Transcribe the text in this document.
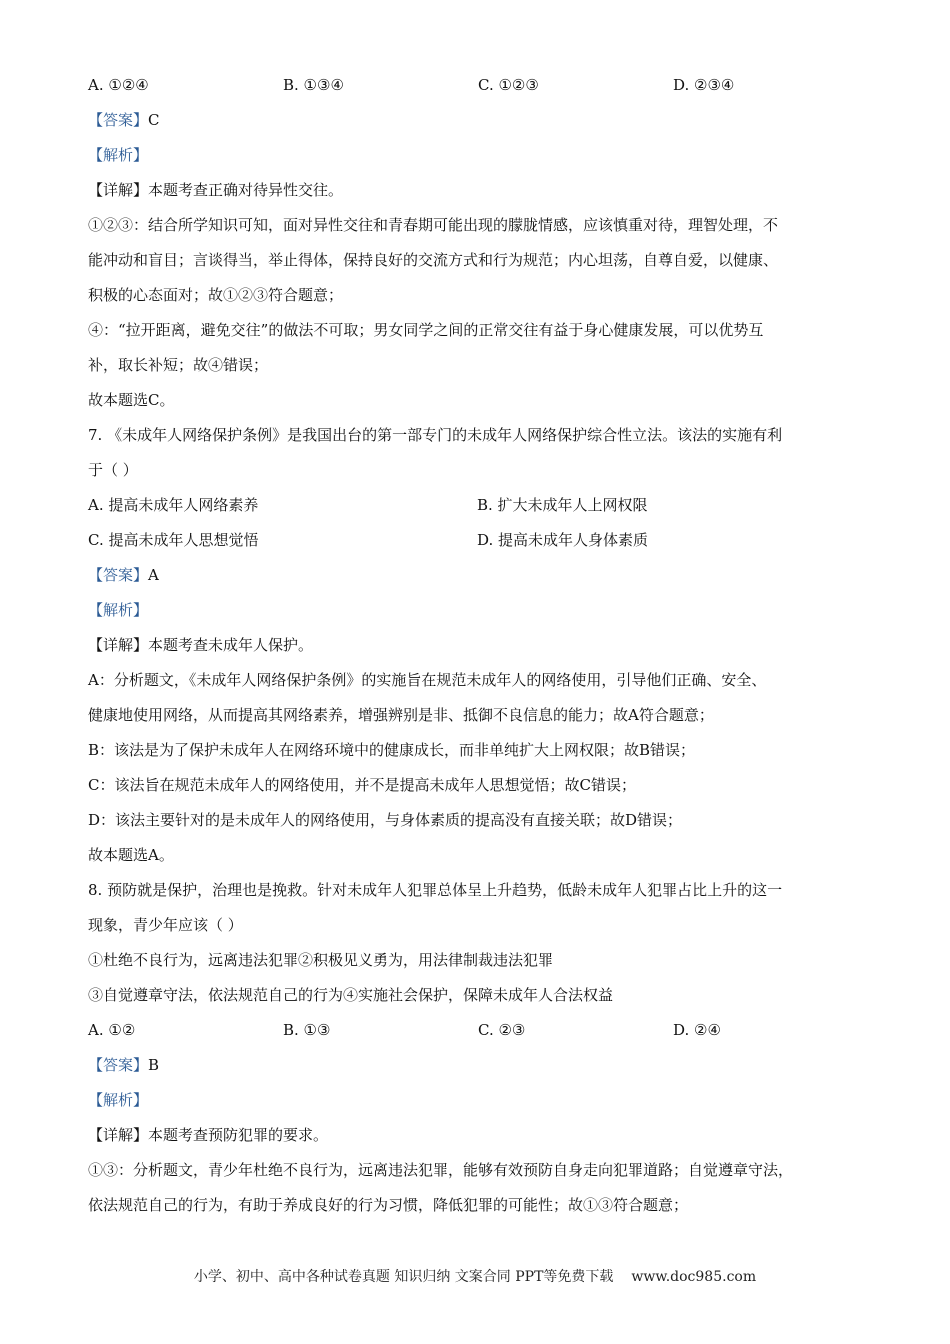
A. ①②④	B. ①③④	C. ①②③	D. ②③④
【答案】C
【解析】
【详解】本题考查正确对待异性交往。
①②③：结合所学知识可知，面对异性交往和青春期可能出现的朦胧情感，应该慎重对待，理智处理，不
能冲动和盲目；言谈得当，举止得体，保持良好的交流方式和行为规范；内心坦荡，自尊自爱，以健康、
积极的心态面对；故①②③符合题意；
④：“拉开距离，避免交往”的做法不可取；男女同学之间的正常交往有益于身心健康发展，可以优势互
补，取长补短；故④错误；
故本题选C。
7. 《未成年人网络保护条例》是我国出台的第一部专门的未成年人网络保护综合性立法。该法的实施有利
于（ ）
A. 提高未成年人网络素养	B. 扩大未成年人上网权限
C. 提高未成年人思想觉悟	D. 提高未成年人身体素质
【答案】A
【解析】
【详解】本题考查未成年人保护。
A：分析题文，《未成年人网络保护条例》的实施旨在规范未成年人的网络使用，引导他们正确、安全、
健康地使用网络，从而提高其网络素养，增强辨别是非、抵御不良信息的能力；故A符合题意；
B：该法是为了保护未成年人在网络环境中的健康成长，而非单纯扩大上网权限；故B错误；
C：该法旨在规范未成年人的网络使用，并不是提高未成年人思想觉悟；故C错误；
D：该法主要针对的是未成年人的网络使用，与身体素质的提高没有直接关联；故D错误；
故本题选A。
8. 预防就是保护，治理也是挽救。针对未成年人犯罪总体呈上升趋势，低龄未成年人犯罪占比上升的这一
现象，青少年应该（ ）
①杜绝不良行为，远离违法犯罪②积极见义勇为，用法律制裁违法犯罪
③自觉遵章守法，依法规范自己的行为④实施社会保护，保障未成年人合法权益
A. ①②	B. ①③	C. ②③	D. ②④
【答案】B
【解析】
【详解】本题考查预防犯罪的要求。
①③：分析题文，青少年杜绝不良行为，远离违法犯罪，能够有效预防自身走向犯罪道路；自觉遵章守法，
依法规范自己的行为，有助于养成良好的行为习惯，降低犯罪的可能性；故①③符合题意；
小学、初中、高中各种试卷真题 知识归纳 文案合同 PPT等免费下载 www.doc985.com
